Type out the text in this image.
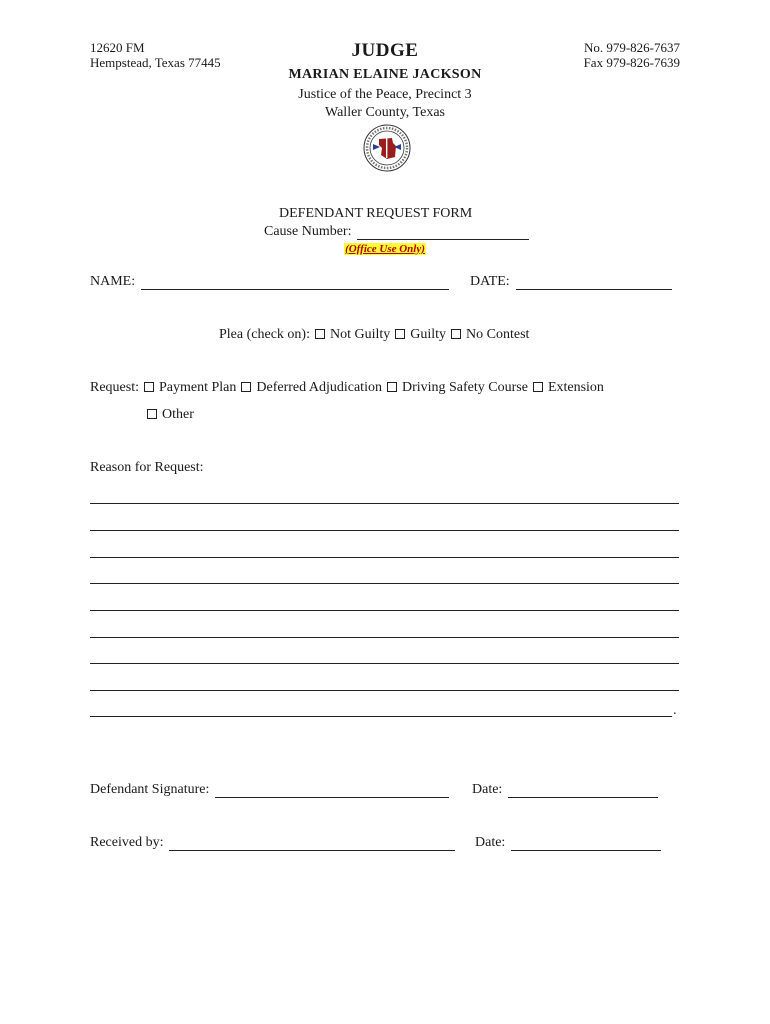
12620 FM
Hempstead, Texas 77445
No. 979-826-7637
Fax 979-826-7639
JUDGE
MARIAN ELAINE JACKSON
Justice of the Peace, Precinct 3
Waller County, Texas
DEFENDANT REQUEST FORM
Cause Number:
(Office Use Only)
NAME:	DATE:
Plea (check on): Not Guilty Guilty No Contest
Request: Payment Plan Deferred Adjudication Driving Safety Course Extension
Other
Reason for Request:
.
Defendant Signature:	Date:
Received by:	Date:
